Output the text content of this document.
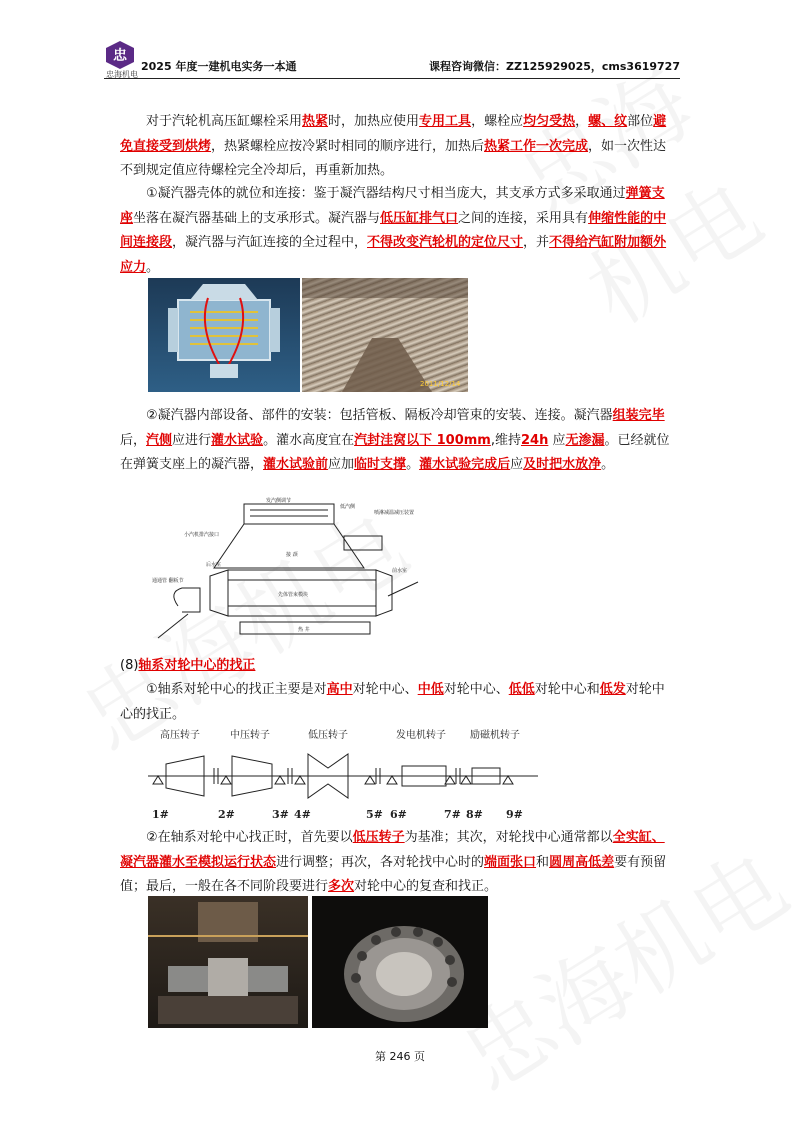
忠
忠海机电
2025 年度一建机电实务一本通	课程咨询微信：ZZ125929025，cms3619727

对于汽轮机高压缸螺栓采用热紧时，加热应使用专用工具，螺栓应均匀受热，螺、纹部位避免直接受到烘烤，热紧螺栓应按冷紧时相同的顺序进行，加热后热紧工作一次完成，如一次性达不到规定值应待螺栓完全冷却后，再重新加热。

①凝汽器壳体的就位和连接：鉴于凝汽器结构尺寸相当庞大，其支承方式多采取通过弹簧支座坐落在凝汽器基础上的支承形式。凝汽器与低压缸排气口之间的连接，采用具有伸缩性能的中间连接段，凝汽器与汽缸连接的全过程中，不得改变汽轮机的定位尺寸，并不得给汽缸附加额外应力。

2011/12/14

②凝汽器内部设备、部件的安装：包括管板、隔板冷却管束的安装、连接。凝汽器组装完毕后，汽侧应进行灌水试验。灌水高度宜在汽封洼窝以下 100mm,维持24h 应无渗漏。已经就位在弹簧支座上的凝汽器，灌水试验前应加临时支撑。灌水试验完成后应及时把水放净。

发汽侧调节
低汽侧
小汽机排汽接口
喷淋减温减压装置
通通管 翻板节
后水室
接 颈
先体管束模块
前水室
热 井

(8)轴系对轮中心的找正

①轴系对轮中心的找正主要是对高中对轮中心、中低对轮中心、低低对轮中心和低发对轮中心的找正。

高压转子	中压转子	低压转子	发电机转子 励磁机转子
1#	2#	3# 4#	5# 6#	7# 8# 9#

②在轴系对轮中心找正时，首先要以低压转子为基准；其次，对轮找中心通常都以全实缸、凝汽器灌水至模拟运行状态进行调整；再次，各对轮找中心时的端面张口和圆周高低差要有预留值；最后，一般在各不同阶段要进行多次对轮中心的复查和找正。

第 246 页
